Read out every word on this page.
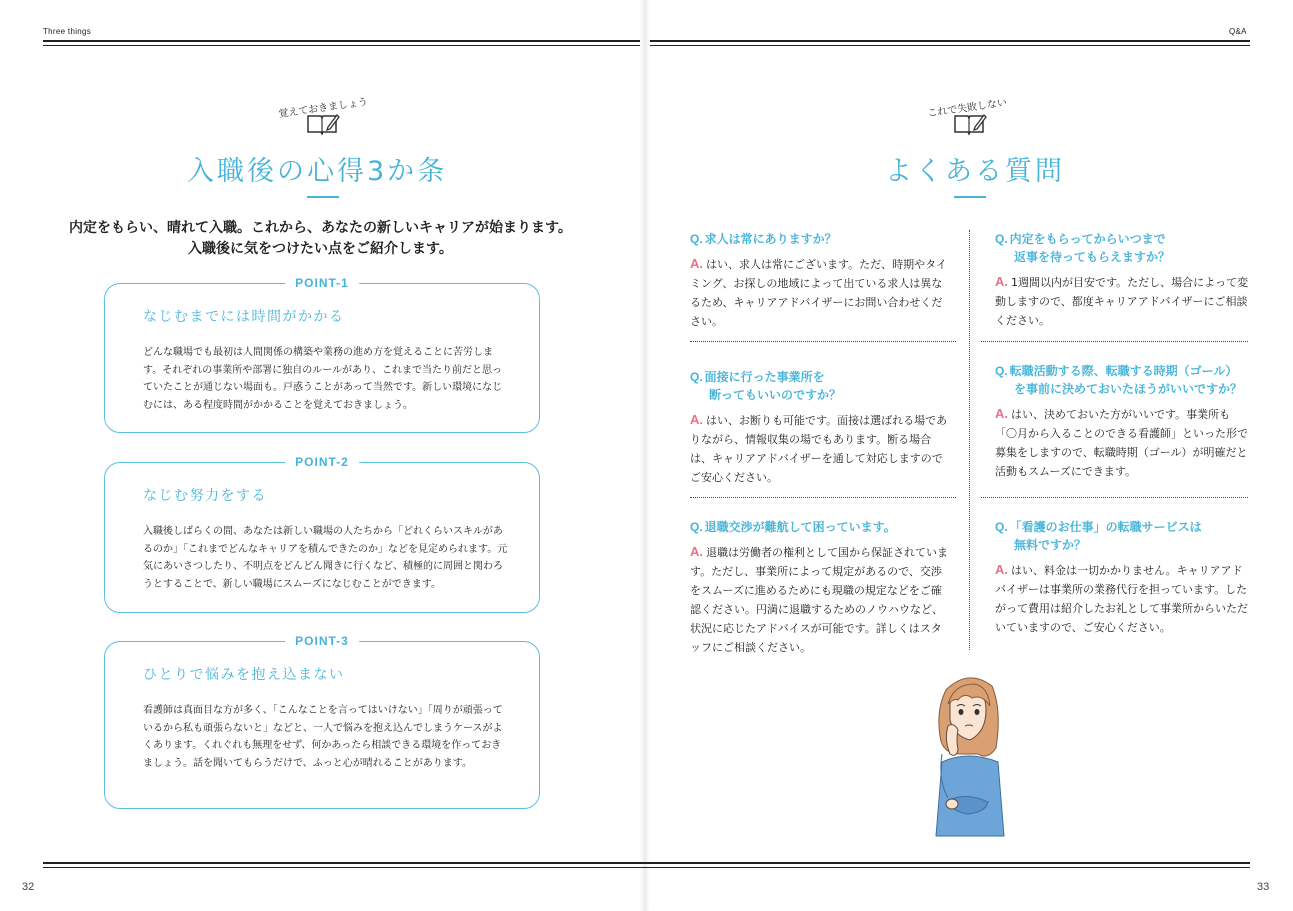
Three things	Q&A
覚えておきましょう
入職後の心得3か条
内定をもらい、晴れて入職。これから、あなたの新しいキャリアが始まります。
入職後に気をつけたい点をご紹介します。
POINT-1
なじむまでには時間がかかる
どんな職場でも最初は人間関係の構築や業務の進め方を覚えることに苦労します。それぞれの事業所や部署に独自のルールがあり、これまで当たり前だと思っていたことが通じない場面も。戸惑うことがあって当然です。新しい環境になじむには、ある程度時間がかかることを覚えておきましょう。
POINT-2
なじむ努力をする
入職後しばらくの間、あなたは新しい職場の人たちから「どれくらいスキルがあるのか」「これまでどんなキャリアを積んできたのか」などを見定められます。元気にあいさつしたり、不明点をどんどん聞きに行くなど、積極的に周囲と関わろうとすることで、新しい職場にスムーズになじむことができます。
POINT-3
ひとりで悩みを抱え込まない
看護師は真面目な方が多く、「こんなことを言ってはいけない」「周りが頑張っているから私も頑張らないと」などと、一人で悩みを抱え込んでしまうケースがよくあります。くれぐれも無理をせず、何かあったら相談できる環境を作っておきましょう。話を聞いてもらうだけで、ふっと心が晴れることがあります。
これで失敗しない
よくある質問
Q. 求人は常にありますか？
A. はい、求人は常にございます。ただ、時期やタイミング、お探しの地域によって出ている求人は異なるため、キャリアアドバイザーにお問い合わせください。
Q. 内定をもらってからいつまで
返事を待ってもらえますか？
A. 1週間以内が目安です。ただし、場合によって変動しますので、都度キャリアアドバイザーにご相談ください。
Q. 面接に行った事業所を
断ってもいいのですか？
A. はい、お断りも可能です。面接は選ばれる場でありながら、情報収集の場でもあります。断る場合は、キャリアアドバイザーを通して対応しますのでご安心ください。
Q. 転職活動する際、転職する時期（ゴール）
を事前に決めておいたほうがいいですか？
A. はい、決めておいた方がいいです。事業所も「〇月から入ることのできる看護師」といった形で募集をしますので、転職時期（ゴール）が明確だと活動もスムーズにできます。
Q. 退職交渉が難航して困っています。
A. 退職は労働者の権利として国から保証されています。ただし、事業所によって規定があるので、交渉をスムーズに進めるためにも現職の規定などをご確認ください。円満に退職するためのノウハウなど、状況に応じたアドバイスが可能です。詳しくはスタッフにご相談ください。
Q. 「看護のお仕事」の転職サービスは
無料ですか？
A. はい、料金は一切かかりません。キャリアアドバイザーは事業所の業務代行を担っています。したがって費用は紹介したお礼として事業所からいただいていますので、ご安心ください。
32	33
